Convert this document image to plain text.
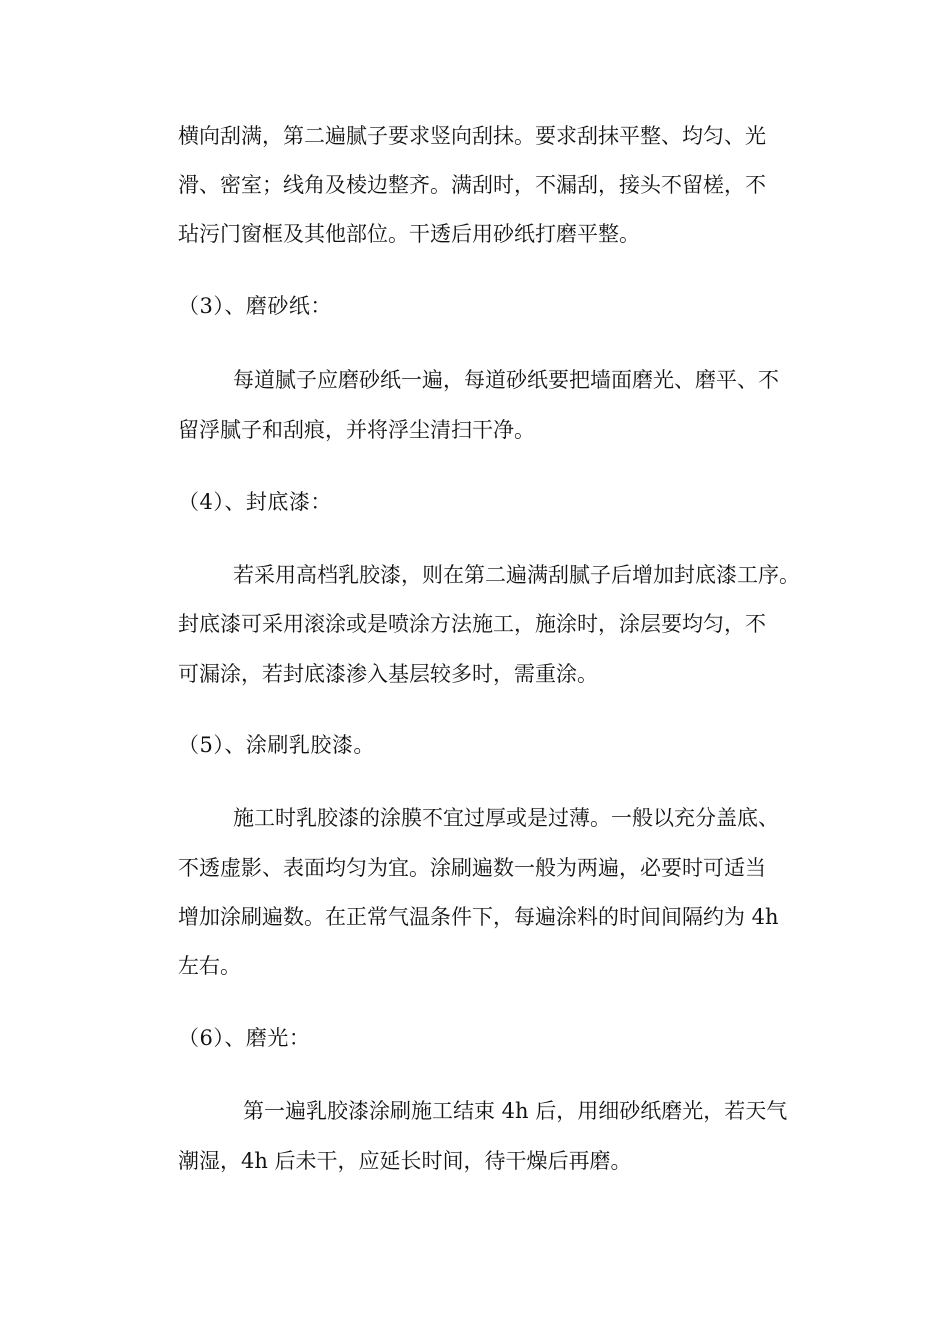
横向刮满，第二遍腻子要求竖向刮抹。要求刮抹平整、均匀、光
滑、密室；线角及棱边整齐。满刮时，不漏刮，接头不留槎，不
玷污门窗框及其他部位。干透后用砂纸打磨平整。
（3）、磨砂纸：
每道腻子应磨砂纸一遍，每道砂纸要把墙面磨光、磨平、不
留浮腻子和刮痕，并将浮尘清扫干净。
（4）、封底漆：
若采用高档乳胶漆，则在第二遍满刮腻子后增加封底漆工序。
封底漆可采用滚涂或是喷涂方法施工，施涂时，涂层要均匀，不
可漏涂，若封底漆渗入基层较多时，需重涂。
（5）、涂刷乳胶漆。
施工时乳胶漆的涂膜不宜过厚或是过薄。一般以充分盖底、
不透虚影、表面均匀为宜。涂刷遍数一般为两遍，必要时可适当
增加涂刷遍数。在正常气温条件下，每遍涂料的时间间隔约为 4h
左右。
（6）、磨光：
第一遍乳胶漆涂刷施工结束 4h 后，用细砂纸磨光，若天气
潮湿，4h 后未干，应延长时间，待干燥后再磨。
